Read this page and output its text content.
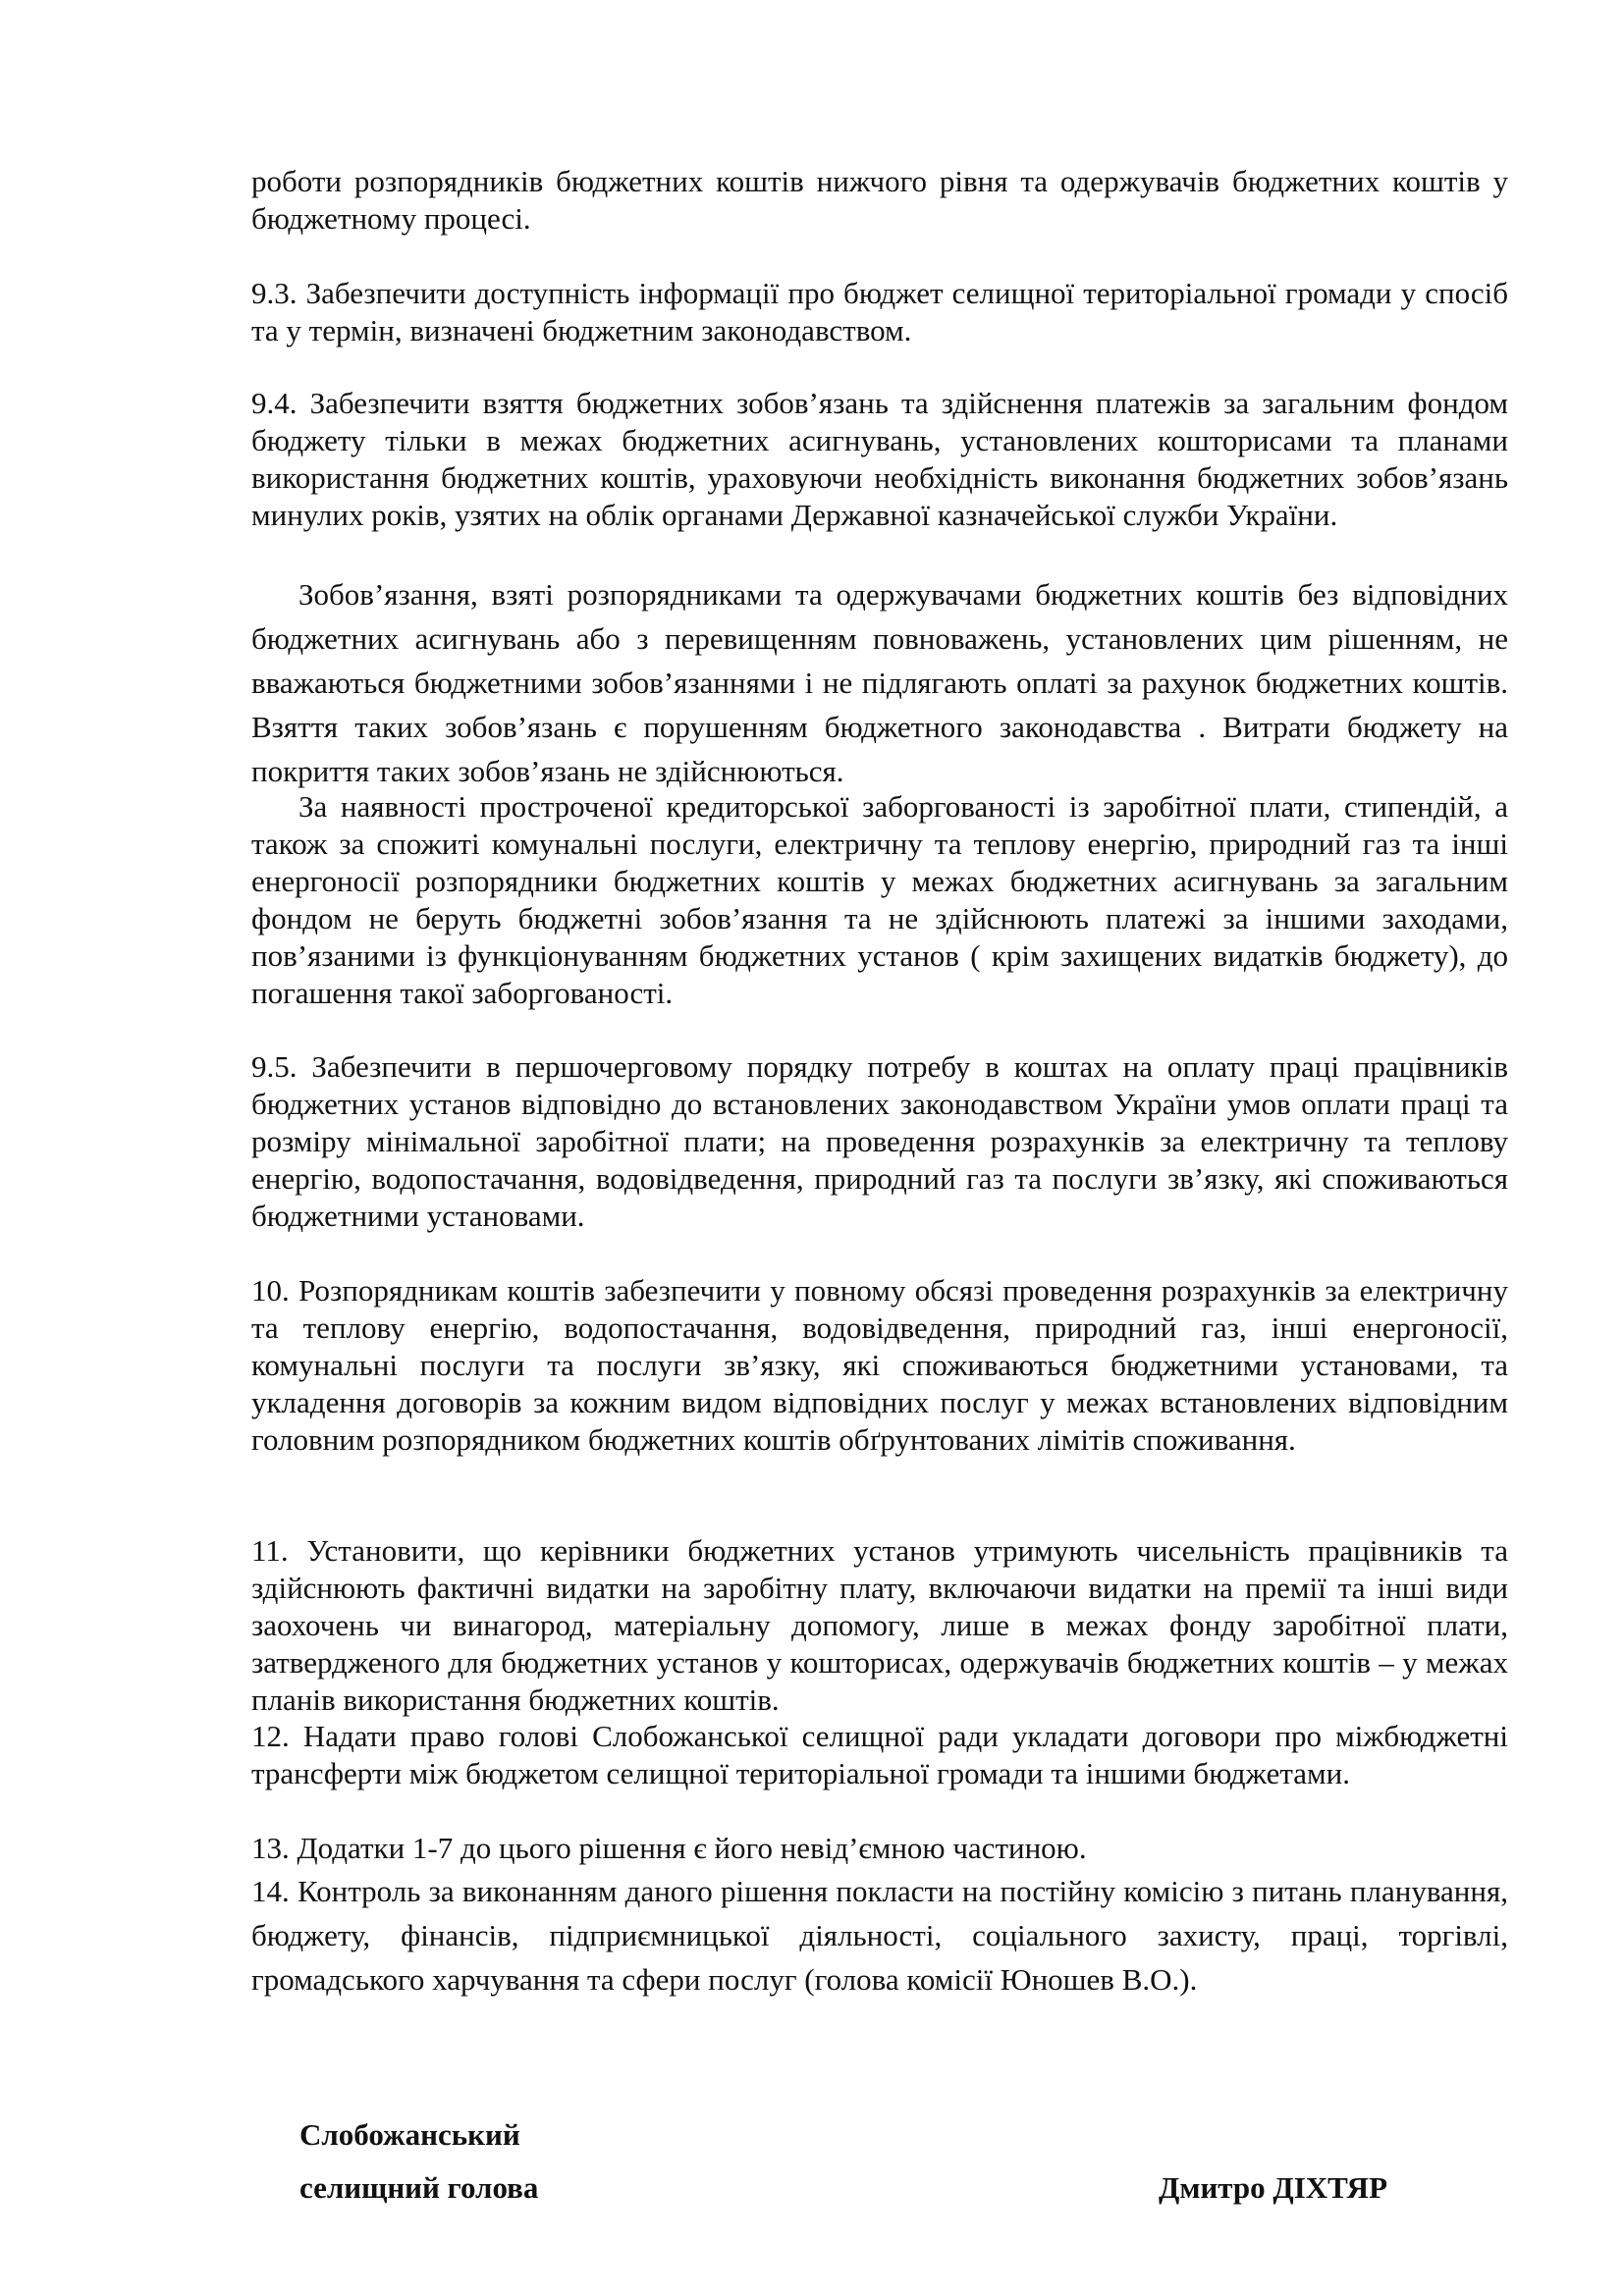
роботи розпорядників бюджетних коштів нижчого рівня та одержувачів бюджетних коштів у бюджетному процесі.

9.3. Забезпечити доступність інформації про бюджет селищної територіальної громади у спосіб та у термін, визначені бюджетним законодавством.

9.4. Забезпечити взяття бюджетних зобов’язань та здійснення платежів за загальним фондом бюджету тільки в межах бюджетних асигнувань, установлених кошторисами та планами використання бюджетних коштів, ураховуючи необхідність виконання бюджетних зобов’язань минулих років, узятих на облік органами Державної казначейської служби України.

Зобов’язання, взяті розпорядниками та одержувачами бюджетних коштів без відповідних бюджетних асигнувань або з перевищенням повноважень, установлених цим рішенням, не вважаються бюджетними зобов’язаннями і не підлягають оплаті за рахунок бюджетних коштів. Взяття таких зобов’язань є порушенням бюджетного законодавства . Витрати бюджету на покриття таких зобов’язань не здійснюються.

За наявності простроченої кредиторської заборгованості із заробітної плати, стипендій, а також за спожиті комунальні послуги, електричну та теплову енергію, природний газ та інші енергоносії розпорядники бюджетних коштів у межах бюджетних асигнувань за загальним фондом не беруть бюджетні зобов’язання та не здійснюють платежі за іншими заходами, пов’язаними із функціонуванням бюджетних установ ( крім захищених видатків бюджету), до погашення такої заборгованості.

9.5. Забезпечити в першочерговому порядку потребу в коштах на оплату праці працівників бюджетних установ відповідно до встановлених законодавством України умов оплати праці та розміру мінімальної заробітної плати; на проведення розрахунків за електричну та теплову енергію, водопостачання, водовідведення, природний газ та послуги зв’язку, які споживаються бюджетними установами.

10. Розпорядникам коштів забезпечити у повному обсязі проведення розрахунків за електричну та теплову енергію, водопостачання, водовідведення, природний газ, інші енергоносії, комунальні послуги та послуги зв’язку, які споживаються бюджетними установами, та укладення договорів за кожним видом відповідних послуг у межах встановлених відповідним головним розпорядником бюджетних коштів обґрунтованих лімітів споживання.

11. Установити, що керівники бюджетних установ утримують чисельність працівників та здійснюють фактичні видатки на заробітну плату, включаючи видатки на премії та інші види заохочень чи винагород, матеріальну допомогу, лише в межах фонду заробітної плати, затвердженого для бюджетних установ у кошторисах, одержувачів бюджетних коштів – у межах планів використання бюджетних коштів.

12. Надати право голові Слобожанської селищної ради укладати договори про міжбюджетні трансферти між бюджетом селищної територіальної громади та іншими бюджетами.

13. Додатки 1-7 до цього рішення є його невід’ємною частиною.

14. Контроль за виконанням даного рішення покласти на постійну комісію з питань планування, бюджету, фінансів, підприємницької діяльності, соціального захисту, праці, торгівлі, громадського харчування та сфери послуг (голова комісії Юношев В.О.).

Слобожанський

селищний голова	Дмитро ДІХТЯР
